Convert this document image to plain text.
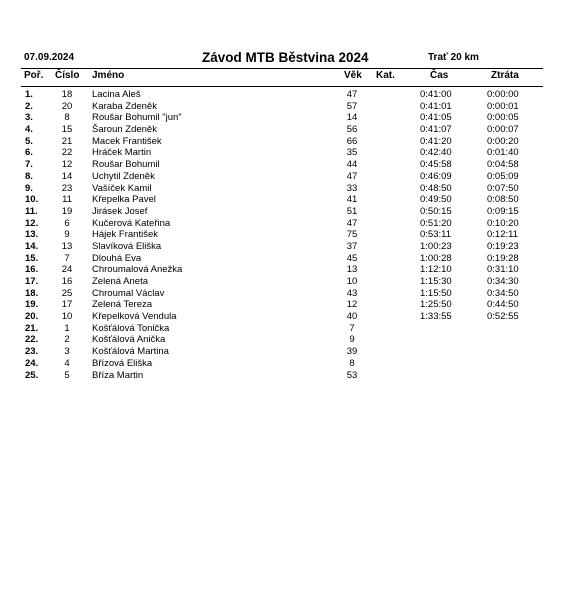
07.09.2024	Závod MTB Běstvina 2024	Trať 20 km
Poř. Číslo Jméno	Věk Kat.	Čas	Ztráta
1.	18	Lacina Aleš	47	0:41:00	0:00:00
2.	20	Karaba Zdeněk	57	0:41:01	0:00:01
3.	8	Roušar Bohumil "jun"	14	0:41:05	0:00:05
4.	15	Šaroun Zdeněk	56	0:41:07	0:00:07
5.	21	Macek František	66	0:41:20	0:00:20
6.	22	Hráček Martin	35	0:42:40	0:01:40
7.	12	Roušar Bohumil	44	0:45:58	0:04:58
8.	14	Uchytil Zdeněk	47	0:46:09	0:05:09
9.	23	Vašíček Kamil	33	0:48:50	0:07:50
10.	11	Křepelka Pavel	41	0:49:50	0:08:50
11.	19	Jirásek Josef	51	0:50:15	0:09:15
12.	6	Kučerová Kateřina	47	0:51:20	0:10:20
13.	9	Hájek František	75	0:53:11	0:12:11
14.	13	Slavíková Eliška	37	1:00:23	0:19:23
15.	7	Dlouhá Eva	45	1:00:28	0:19:28
16.	24	Chroumalová Anežka	13	1:12:10	0:31:10
17.	16	Zelená Aneta	10	1:15:30	0:34:30
18.	25	Chroumal Václav	43	1:15:50	0:34:50
19.	17	Zelená Tereza	12	1:25:50	0:44:50
20.	10	Křepelková Vendula	40	1:33:55	0:52:55
21.	1	Košťálová Tonička	7
22.	2	Košťálová Anička	9
23.	3	Košťálová Martina	39
24.	4	Břízová Eliška	8
25.	5	Bříza Martin	53
